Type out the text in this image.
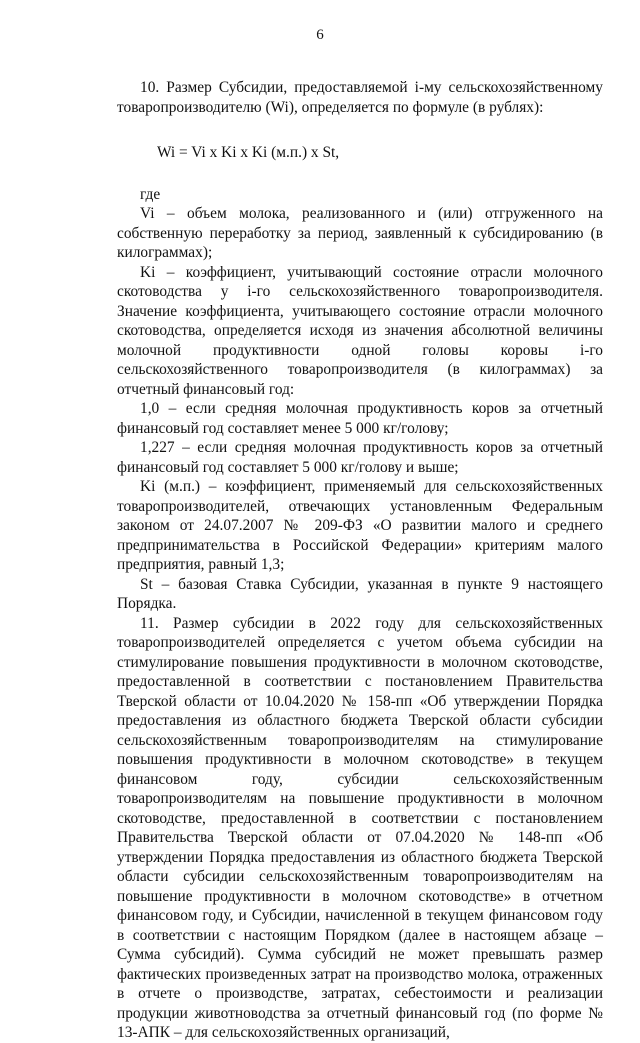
6

10. Размер Субсидии, предоставляемой i-му сельскохозяйственному товаропроизводителю (Wi), определяется по формуле (в рублях):

Wi = Vi x Ki x Ki (м.п.) x St,

где

Vi – объем молока, реализованного и (или) отгруженного на собственную переработку за период, заявленный к субсидированию (в килограммах);

Ki – коэффициент, учитывающий состояние отрасли молочного скотоводства у i-го сельскохозяйственного товаропроизводителя. Значение коэффициента, учитывающего состояние отрасли молочного скотоводства, определяется исходя из значения абсолютной величины молочной продуктивности одной головы коровы i-го сельскохозяйственного товаропроизводителя (в килограммах) за отчетный финансовый год:

1,0 – если средняя молочная продуктивность коров за отчетный финансовый год составляет менее 5 000 кг/голову;

1,227 – если средняя молочная продуктивность коров за отчетный финансовый год составляет 5 000 кг/голову и выше;

Ki (м.п.) – коэффициент, применяемый для сельскохозяйственных товаропроизводителей, отвечающих установленным Федеральным законом от 24.07.2007 № 209-ФЗ «О развитии малого и среднего предпринимательства в Российской Федерации» критериям малого предприятия, равный 1,3;

St – базовая Ставка Субсидии, указанная в пункте 9 настоящего Порядка.

11. Размер субсидии в 2022 году для сельскохозяйственных товаропроизводителей определяется с учетом объема субсидии на стимулирование повышения продуктивности в молочном скотоводстве, предоставленной в соответствии с постановлением Правительства Тверской области от 10.04.2020 № 158-пп «Об утверждении Порядка предоставления из областного бюджета Тверской области субсидии сельскохозяйственным товаропроизводителям на стимулирование повышения продуктивности в молочном скотоводстве» в текущем финансовом году, субсидии сельскохозяйственным товаропроизводителям на повышение продуктивности в молочном скотоводстве, предоставленной в соответствии с постановлением Правительства Тверской области от 07.04.2020 № 148-пп «Об утверждении Порядка предоставления из областного бюджета Тверской области субсидии сельскохозяйственным товаропроизводителям на повышение продуктивности в молочном скотоводстве» в отчетном финансовом году, и Субсидии, начисленной в текущем финансовом году в соответствии с настоящим Порядком (далее в настоящем абзаце – Сумма субсидий). Сумма субсидий не может превышать размер фактических произведенных затрат на производство молока, отраженных в отчете о производстве, затратах, себестоимости и реализации продукции животноводства за отчетный финансовый год (по форме № 13-АПК – для сельскохозяйственных организаций,
